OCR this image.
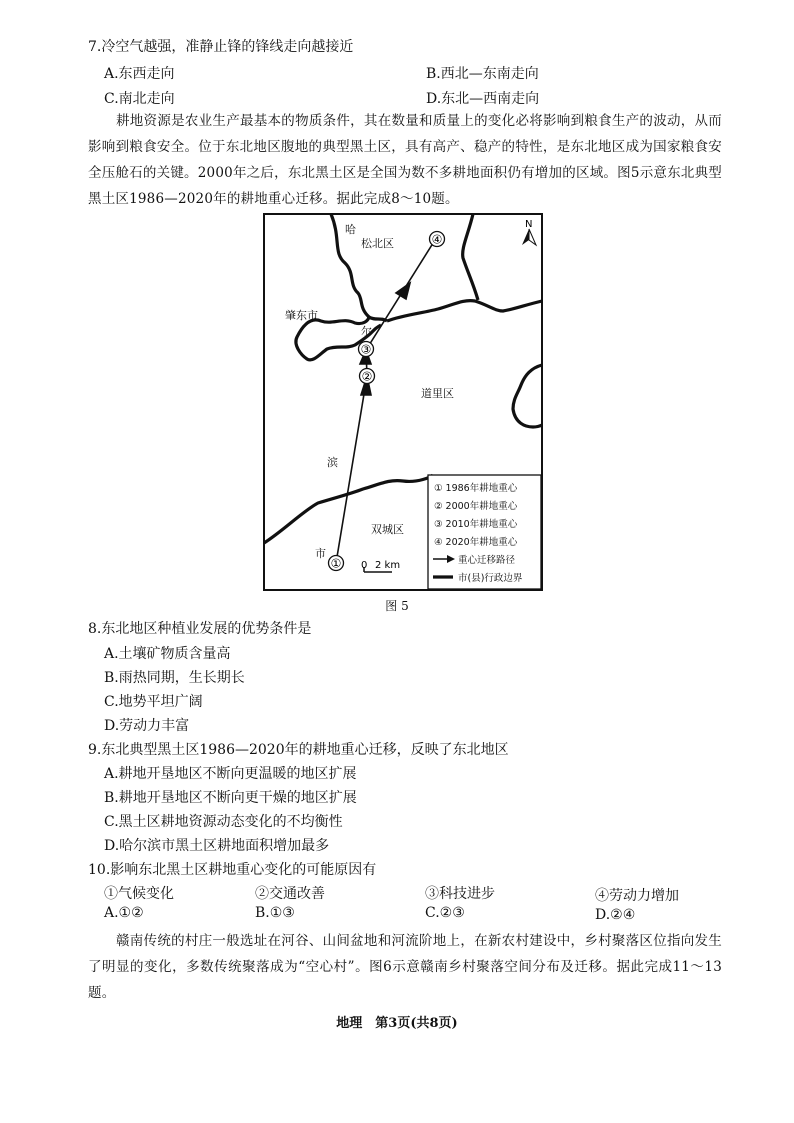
7.冷空气越强，准静止锋的锋线走向越接近
A.东西走向	B.西北—东南走向
C.南北走向	D.东北—西南走向
耕地资源是农业生产最基本的物质条件，其在数量和质量上的变化必将影响到粮食生产的波动，从而影响到粮食安全。位于东北地区腹地的典型黑土区，具有高产、稳产的特性，是东北地区成为国家粮食安全压舱石的关键。2000年之后，东北黑土区是全国为数不多耕地面积仍有增加的区域。图5示意东北典型黑土区1986—2020年的耕地重心迁移。据此完成8～10题。
①
②
③
④
哈
松北区
肇东市
尔
道里区
滨
双城区
市
N
0 2 km
① 1986年耕地重心
② 2000年耕地重心
③ 2010年耕地重心
④ 2020年耕地重心
重心迁移路径
市(县)行政边界
图 5
8.东北地区种植业发展的优势条件是
A.土壤矿物质含量高
B.雨热同期，生长期长
C.地势平坦广阔
D.劳动力丰富
9.东北典型黑土区1986—2020年的耕地重心迁移，反映了东北地区
A.耕地开垦地区不断向更温暖的地区扩展
B.耕地开垦地区不断向更干燥的地区扩展
C.黑土区耕地资源动态变化的不均衡性
D.哈尔滨市黑土区耕地面积增加最多
10.影响东北黑土区耕地重心变化的可能原因有
①气候变化	②交通改善	③科技进步	④劳动力增加
A.①②	B.①③	C.②③	D.②④
赣南传统的村庄一般选址在河谷、山间盆地和河流阶地上，在新农村建设中，乡村聚落区位指向发生了明显的变化，多数传统聚落成为“空心村”。图6示意赣南乡村聚落空间分布及迁移。据此完成11～13题。
地理　第3页(共8页)
